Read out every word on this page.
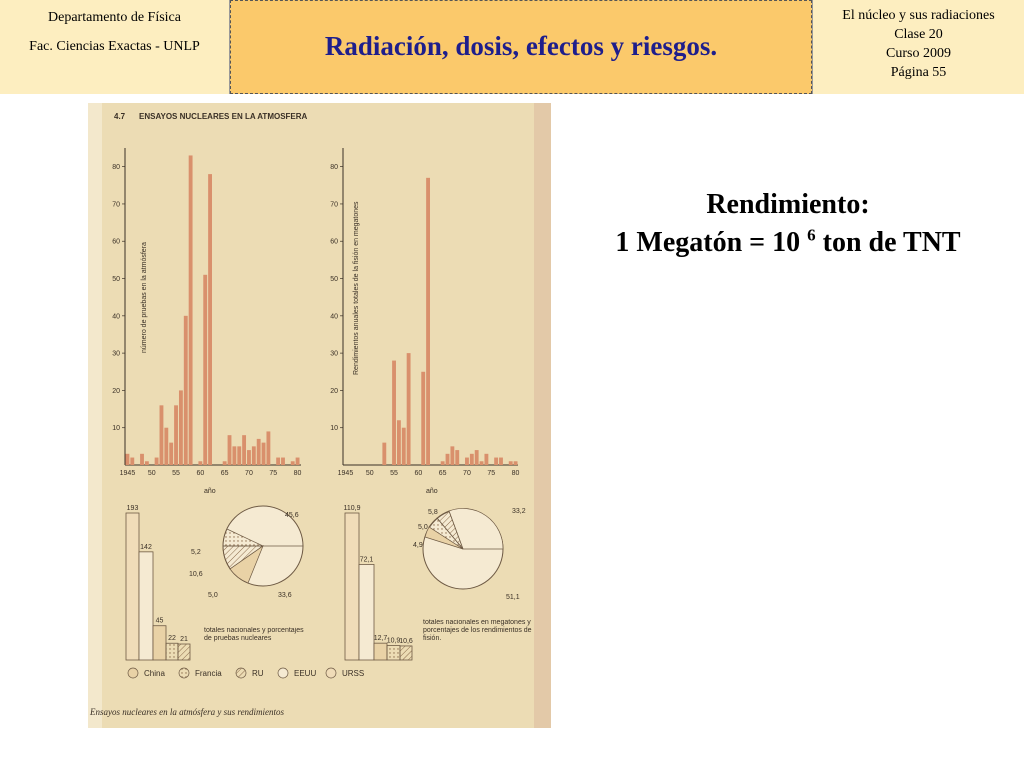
Departamento de Física
Fac. Ciencias Exactas - UNLP	Radiación, dosis, efectos y riesgos.
El núcleo y sus radiaciones
Clase 20
Curso 2009
Página 55
4.7 ENSAYOS NUCLEARES EN LA ATMOSFERA
10
20
30
40
50
60
70
80
1945 50 55 60 65 70 75 80
número de pruebas en la atmósfera
año
10
20
30
40
50
60
70
80
1945 50 55 60 65 70 75 80
Rendimientos anuales totales de la fisión en megatones
año
193
142
45
22 21
45,6
5,2
10,6
5,0	33,6
totales nacionales y porcentajes de pruebas nucleares
110,9
72,1
12,7 10,9
10,6
33,2
5,8
5,0
4,9
51,1
totales nacionales en megatones y porcentajes de los rendimientos de fisión.
China	Francia	RU	EEUU	URSS
Ensayos nucleares en la atmósfera y sus rendimientos
Rendimiento:
1 Megatón = 10 $^6$ ton de TNT
